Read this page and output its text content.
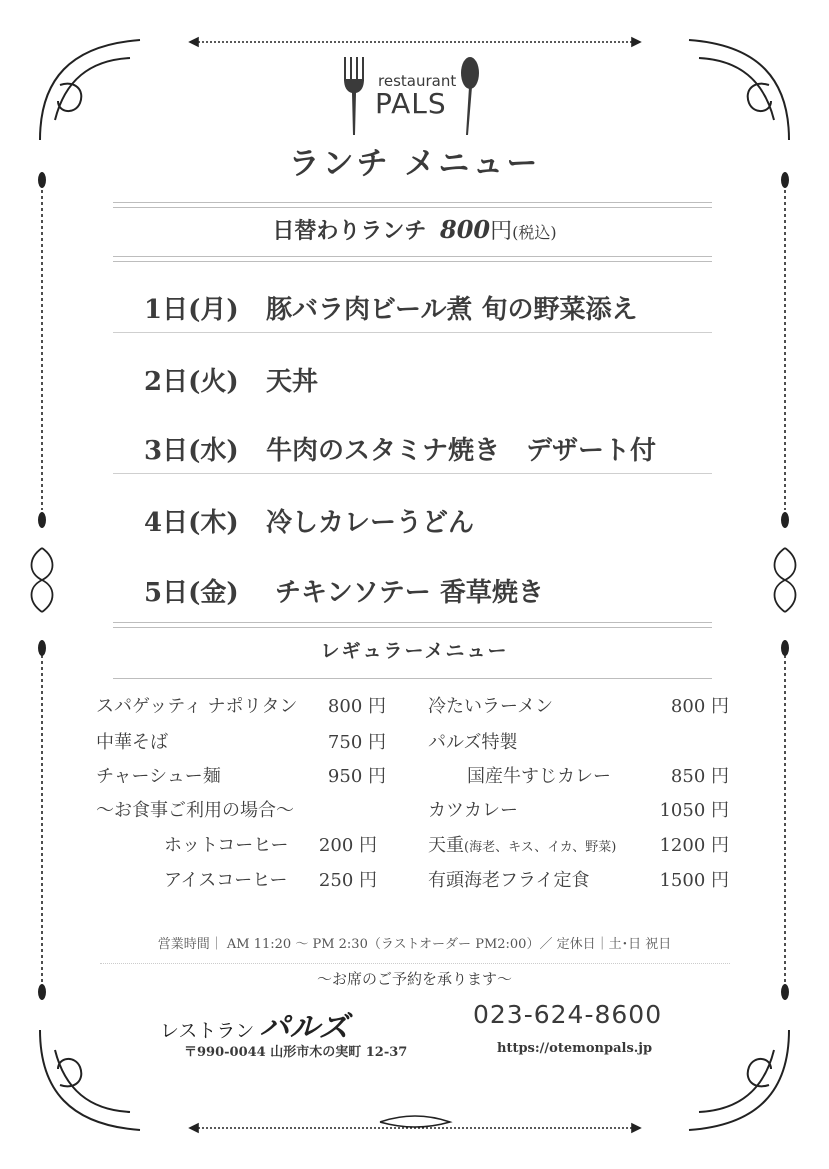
restaurant
PALS
ランチ メニュー
日替わりランチ 800円(税込)
1日(月) 豚バラ肉ビール煮 旬の野菜添え
2日(火) 天丼
3日(水) 牛肉のスタミナ焼き　デザート付
4日(木) 冷しカレーうどん
5日(金) チキンソテー 香草焼き
レギュラーメニュー
スパゲッティ ナポリタン	800 円
中華そば	750 円
チャーシュー麺	950 円
～お食事ご利用の場合～
ホットコーヒー	200 円
アイスコーヒー	250 円
冷たいラーメン	800 円
パルズ特製
国産牛すじカレー	850 円
カツカレー	1050 円
天重(海老、キス、イカ、野菜)	1200 円
有頭海老フライ定食	1500 円
営業時間｜ AM 11:20 ～ PM 2:30（ラストオーダー PM2:00）／ 定休日｜土･日 祝日
～お席のご予約を承ります～
レストラン パルズ	023-624-8600
〒990-0044 山形市木の実町 12-37	https://otemonpals.jp
